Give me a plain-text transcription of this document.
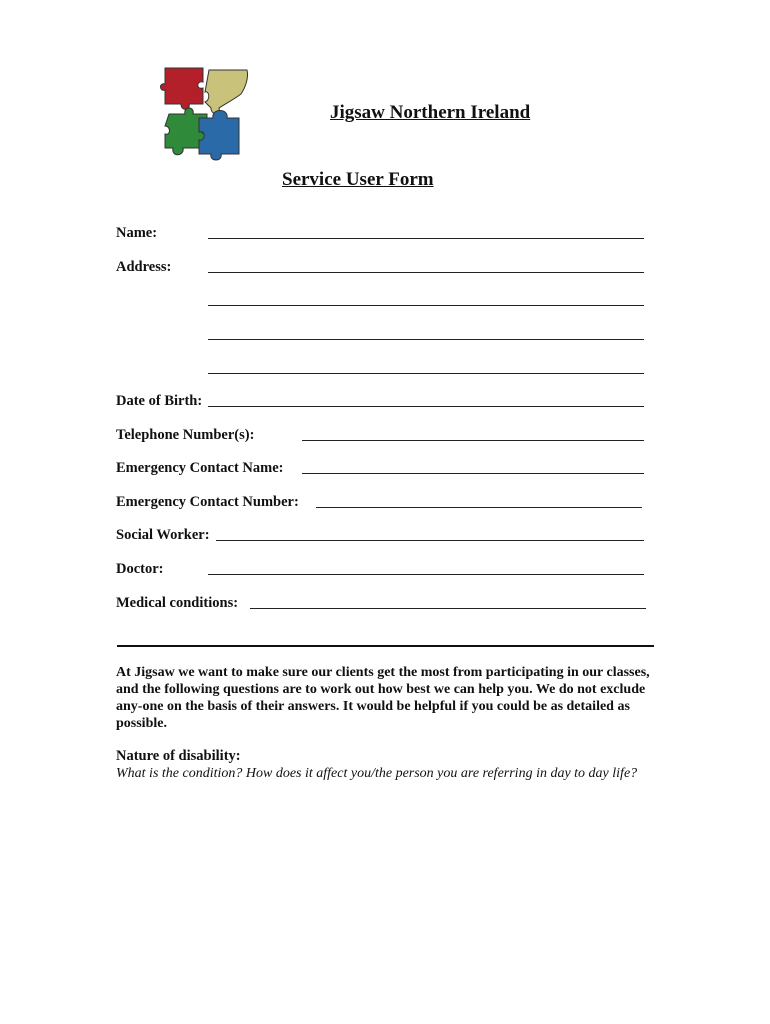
Jigsaw Northern Ireland
Service User Form
Name:
Address:
Date of Birth:
Telephone Number(s):
Emergency Contact Name:
Emergency Contact Number:
Social Worker:
Doctor:
Medical conditions:
At Jigsaw we want to make sure our clients get the most from participating in our classes, and the following questions are to work out how best we can help you. We do not exclude any-one on the basis of their answers. It would be helpful if you could be as detailed as possible.
Nature of disability:
What is the condition? How does it affect you/the person you are referring in day to day life?
